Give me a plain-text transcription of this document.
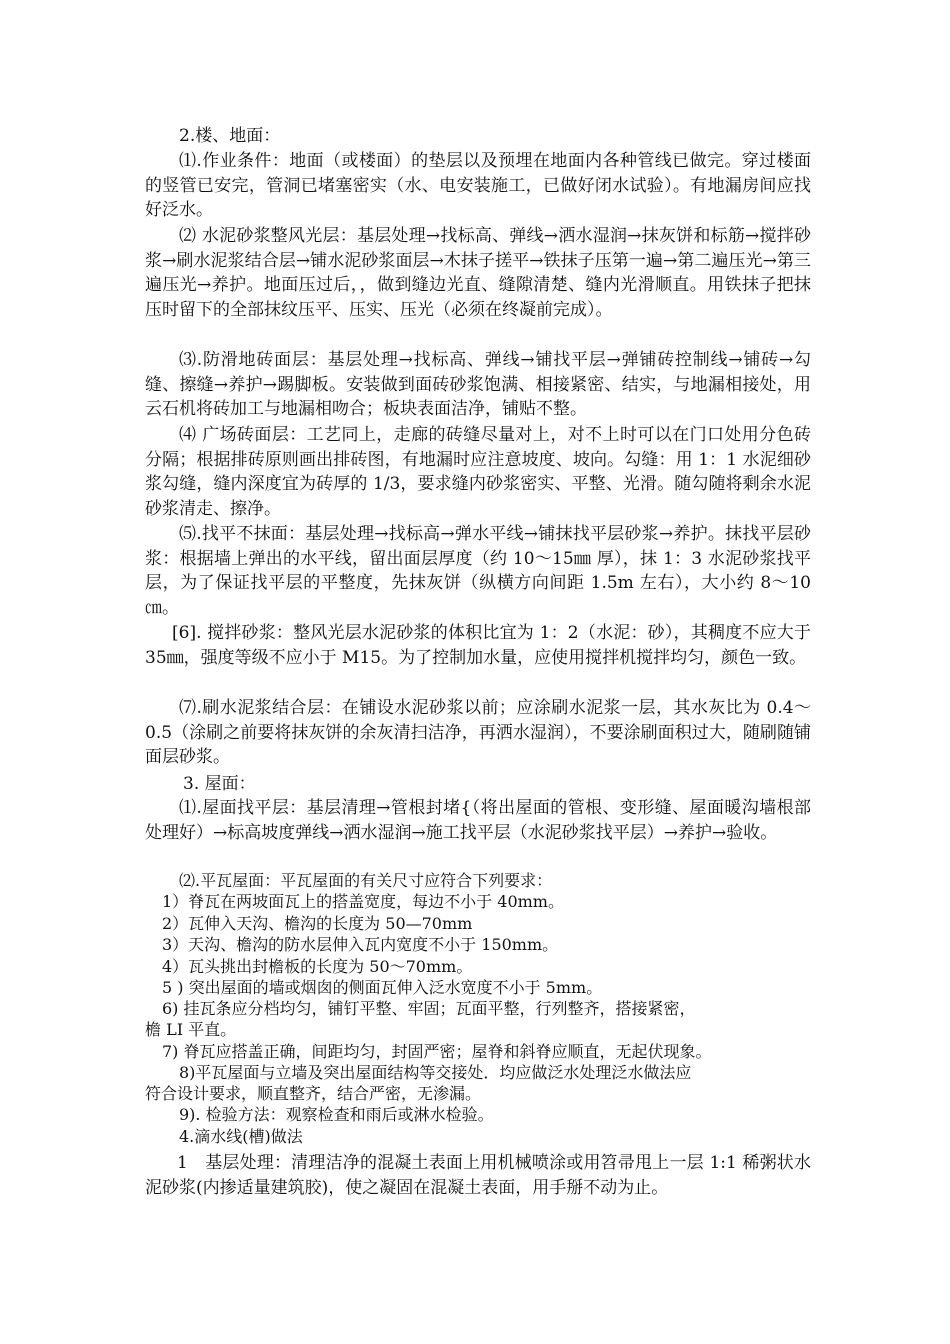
2.楼、地面：

⑴.作业条件：地面（或楼面）的垫层以及预埋在地面内各种管线已做完。穿过楼面的竖管已安完，管洞已堵塞密实（水、电安装施工，已做好闭水试验）。有地漏房间应找好泛水。

⑵ 水泥砂浆整风光层：基层处理→找标高、弹线→洒水湿润→抹灰饼和标筋→搅拌砂浆→刷水泥浆结合层→铺水泥砂浆面层→木抹子搓平→铁抹子压第一遍→第二遍压光→第三遍压光→养护。地面压过后，，做到缝边光直、缝隙清楚、缝内光滑顺直。用铁抹子把抹压时留下的全部抹纹压平、压实、压光（必须在终凝前完成）。

⑶.防滑地砖面层：基层处理→找标高、弹线→铺找平层→弹铺砖控制线→铺砖→勾缝、擦缝→养护→踢脚板。安装做到面砖砂浆饱满、相接紧密、结实，与地漏相接处，用云石机将砖加工与地漏相吻合；板块表面洁净，铺贴不整。

⑷ 广场砖面层：工艺同上，走廊的砖缝尽量对上，对不上时可以在门口处用分色砖分隔；根据排砖原则画出排砖图，有地漏时应注意坡度、坡向。勾缝：用 1：1 水泥细砂浆勾缝，缝内深度宜为砖厚的 1/3，要求缝内砂浆密实、平整、光滑。随勾随将剩余水泥砂浆清走、擦净。

⑸.找平不抹面：基层处理→找标高→弹水平线→铺抹找平层砂浆→养护。抹找平层砂浆：根据墙上弹出的水平线，留出面层厚度（约 10～15㎜ 厚），抹 1：3 水泥砂浆找平层，为了保证找平层的平整度，先抹灰饼（纵横方向间距 1.5m 左右），大小约 8～10㎝。

[6]. 搅拌砂浆：整风光层水泥砂浆的体积比宜为 1：2（水泥：砂），其稠度不应大于 35㎜，强度等级不应小于 M15。为了控制加水量，应使用搅拌机搅拌均匀，颜色一致。

⑺.刷水泥浆结合层：在铺设水泥砂浆以前；应涂刷水泥浆一层，其水灰比为 0.4～0.5（涂刷之前要将抹灰饼的余灰清扫洁净，再洒水湿润），不要涂刷面积过大，随刷随铺面层砂浆。

3. 屋面：

⑴.屋面找平层：基层清理→管根封堵{（将出屋面的管根、变形缝、屋面暖沟墙根部处理好）→标高坡度弹线→洒水湿润→施工找平层（水泥砂浆找平层）→养护→验收。

⑵.平瓦屋面：平瓦屋面的有关尺寸应符合下列要求：

1）脊瓦在两坡面瓦上的搭盖宽度，每边不小于 40mm。

2）瓦伸入天沟、檐沟的长度为 50—70mm

3）天沟、檐沟的防水层伸入瓦内宽度不小于 150mm。

4）瓦头挑出封檐板的长度为 50～70mm。

5 ) 突出屋面的墙或烟囱的侧面瓦伸入泛水宽度不小于 5mm。

6) 挂瓦条应分档均匀，铺钉平整、牢固；瓦面平整，行列整齐，搭接紧密，

檐 LI 平直。

7) 脊瓦应搭盖正确，间距均匀，封固严密；屋脊和斜脊应顺直，无起伏现象。

8)平瓦屋面与立墙及突出屋面结构等交接处．均应做泛水处理泛水做法应

符合设计要求，顺直整齐，结合严密，无渗漏。

9). 检验方法：观察检查和雨后或淋水检验。

4.滴水线(槽)做法

1　基层处理：清理洁净的混凝土表面上用机械喷涂或用笤帚甩上一层 1:1 稀粥状水泥砂浆(内掺适量建筑胶)，使之凝固在混凝土表面，用手掰不动为止。
